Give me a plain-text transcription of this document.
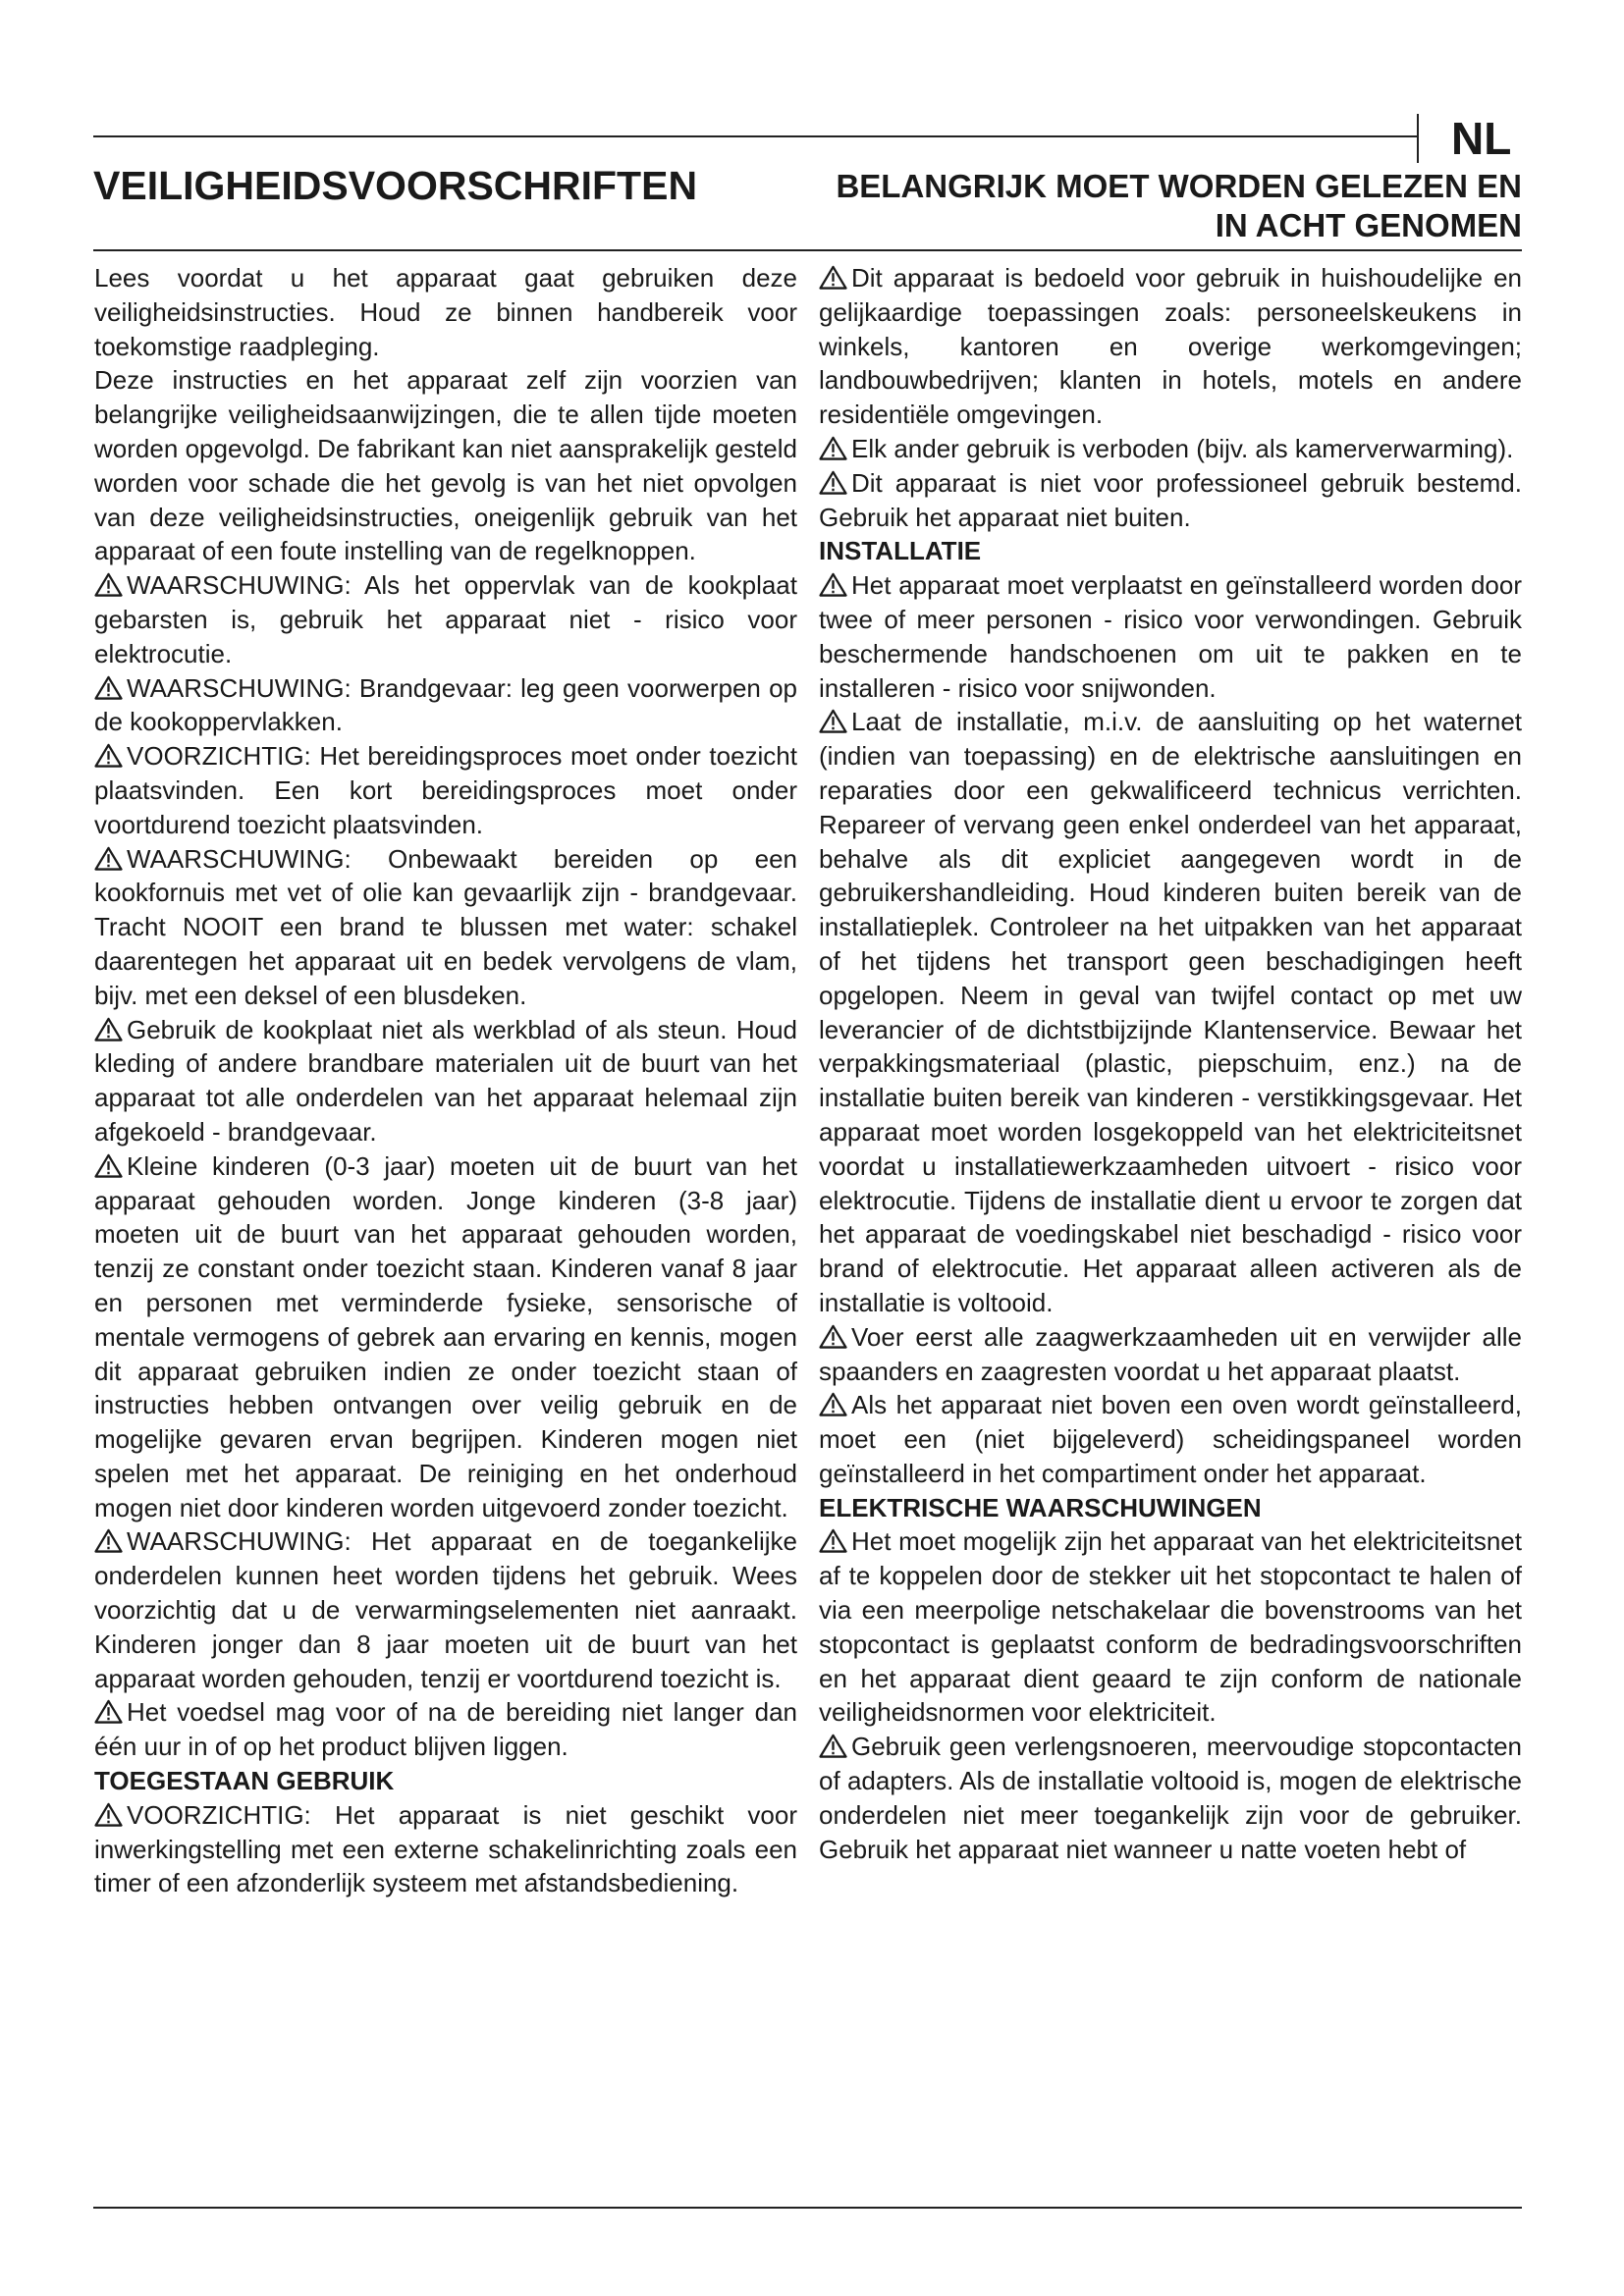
NL
VEILIGHEIDSVOORSCHRIFTEN	BELANGRIJK MOET WORDEN GELEZEN EN
IN ACHT GENOMEN

Lees voordat u het apparaat gaat gebruiken deze veiligheidsinstructies. Houd ze binnen handbereik voor toekomstige raadpleging.

Deze instructies en het apparaat zelf zijn voorzien van belangrijke veiligheidsaanwijzingen, die te allen tijde moeten worden opgevolgd. De fabrikant kan niet aansprakelijk gesteld worden voor schade die het gevolg is van het niet opvolgen van deze veiligheidsinstructies, oneigenlijk gebruik van het apparaat of een foute instelling van de regelknoppen.

WAARSCHUWING: Als het oppervlak van de kookplaat gebarsten is, gebruik het apparaat niet - risico voor elektrocutie.

WAARSCHUWING: Brandgevaar: leg geen voorwerpen op de kookoppervlakken.

VOORZICHTIG: Het bereidingsproces moet onder toezicht plaatsvinden. Een kort bereidingsproces moet onder voortdurend toezicht plaatsvinden.

WAARSCHUWING: Onbewaakt bereiden op een kookfornuis met vet of olie kan gevaarlijk zijn - brandgevaar. Tracht NOOIT een brand te blussen met water: schakel daarentegen het apparaat uit en bedek vervolgens de vlam, bijv. met een deksel of een blusdeken.

Gebruik de kookplaat niet als werkblad of als steun. Houd kleding of andere brandbare materialen uit de buurt van het apparaat tot alle onderdelen van het apparaat helemaal zijn afgekoeld - brandgevaar.

Kleine kinderen (0-3 jaar) moeten uit de buurt van het apparaat gehouden worden. Jonge kinderen (3-8 jaar) moeten uit de buurt van het apparaat gehouden worden, tenzij ze constant onder toezicht staan. Kinderen vanaf 8 jaar en personen met verminderde fysieke, sensorische of mentale vermogens of gebrek aan ervaring en kennis, mogen dit apparaat gebruiken indien ze onder toezicht staan of instructies hebben ontvangen over veilig gebruik en de mogelijke gevaren ervan begrijpen. Kinderen mogen niet spelen met het apparaat. De reiniging en het onderhoud mogen niet door kinderen worden uitgevoerd zonder toezicht.

WAARSCHUWING: Het apparaat en de toegankelijke onderdelen kunnen heet worden tijdens het gebruik. Wees voorzichtig dat u de verwarmingselementen niet aanraakt. Kinderen jonger dan 8 jaar moeten uit de buurt van het apparaat worden gehouden, tenzij er voortdurend toezicht is.

Het voedsel mag voor of na de bereiding niet langer dan één uur in of op het product blijven liggen.

TOEGESTAAN GEBRUIK

VOORZICHTIG: Het apparaat is niet geschikt voor inwerkingstelling met een externe schakelinrichting zoals een timer of een afzonderlijk systeem met afstandsbediening.

Dit apparaat is bedoeld voor gebruik in huishoudelijke en gelijkaardige toepassingen zoals: personeelskeukens in winkels, kantoren en overige werkomgevingen; landbouwbedrijven; klanten in hotels, motels en andere residentiële omgevingen.

Elk ander gebruik is verboden (bijv. als kamerverwarming).

Dit apparaat is niet voor professioneel gebruik bestemd. Gebruik het apparaat niet buiten.

INSTALLATIE

Het apparaat moet verplaatst en geïnstalleerd worden door twee of meer personen - risico voor verwondingen. Gebruik beschermende handschoenen om uit te pakken en te installeren - risico voor snijwonden.

Laat de installatie, m.i.v. de aansluiting op het waternet (indien van toepassing) en de elektrische aansluitingen en reparaties door een gekwalificeerd technicus verrichten. Repareer of vervang geen enkel onderdeel van het apparaat, behalve als dit expliciet aangegeven wordt in de gebruikershandleiding. Houd kinderen buiten bereik van de installatieplek. Controleer na het uitpakken van het apparaat of het tijdens het transport geen beschadigingen heeft opgelopen. Neem in geval van twijfel contact op met uw leverancier of de dichtstbijzijnde Klantenservice. Bewaar het verpakkingsmateriaal (plastic, piepschuim, enz.) na de installatie buiten bereik van kinderen - verstikkingsgevaar. Het apparaat moet worden losgekoppeld van het elektriciteitsnet voordat u installatiewerkzaamheden uitvoert - risico voor elektrocutie. Tijdens de installatie dient u ervoor te zorgen dat het apparaat de voedingskabel niet beschadigd - risico voor brand of elektrocutie. Het apparaat alleen activeren als de installatie is voltooid.

Voer eerst alle zaagwerkzaamheden uit en verwijder alle spaanders en zaagresten voordat u het apparaat plaatst.

Als het apparaat niet boven een oven wordt geïnstalleerd, moet een (niet bijgeleverd) scheidingspaneel worden geïnstalleerd in het compartiment onder het apparaat.

ELEKTRISCHE WAARSCHUWINGEN

Het moet mogelijk zijn het apparaat van het elektriciteitsnet af te koppelen door de stekker uit het stopcontact te halen of via een meerpolige netschakelaar die bovenstrooms van het stopcontact is geplaatst conform de bedradingsvoorschriften en het apparaat dient geaard te zijn conform de nationale veiligheidsnormen voor elektriciteit.

Gebruik geen verlengsnoeren, meervoudige stopcontacten of adapters. Als de installatie voltooid is, mogen de elektrische onderdelen niet meer toegankelijk zijn voor de gebruiker. Gebruik het apparaat niet wanneer u natte voeten hebt of
